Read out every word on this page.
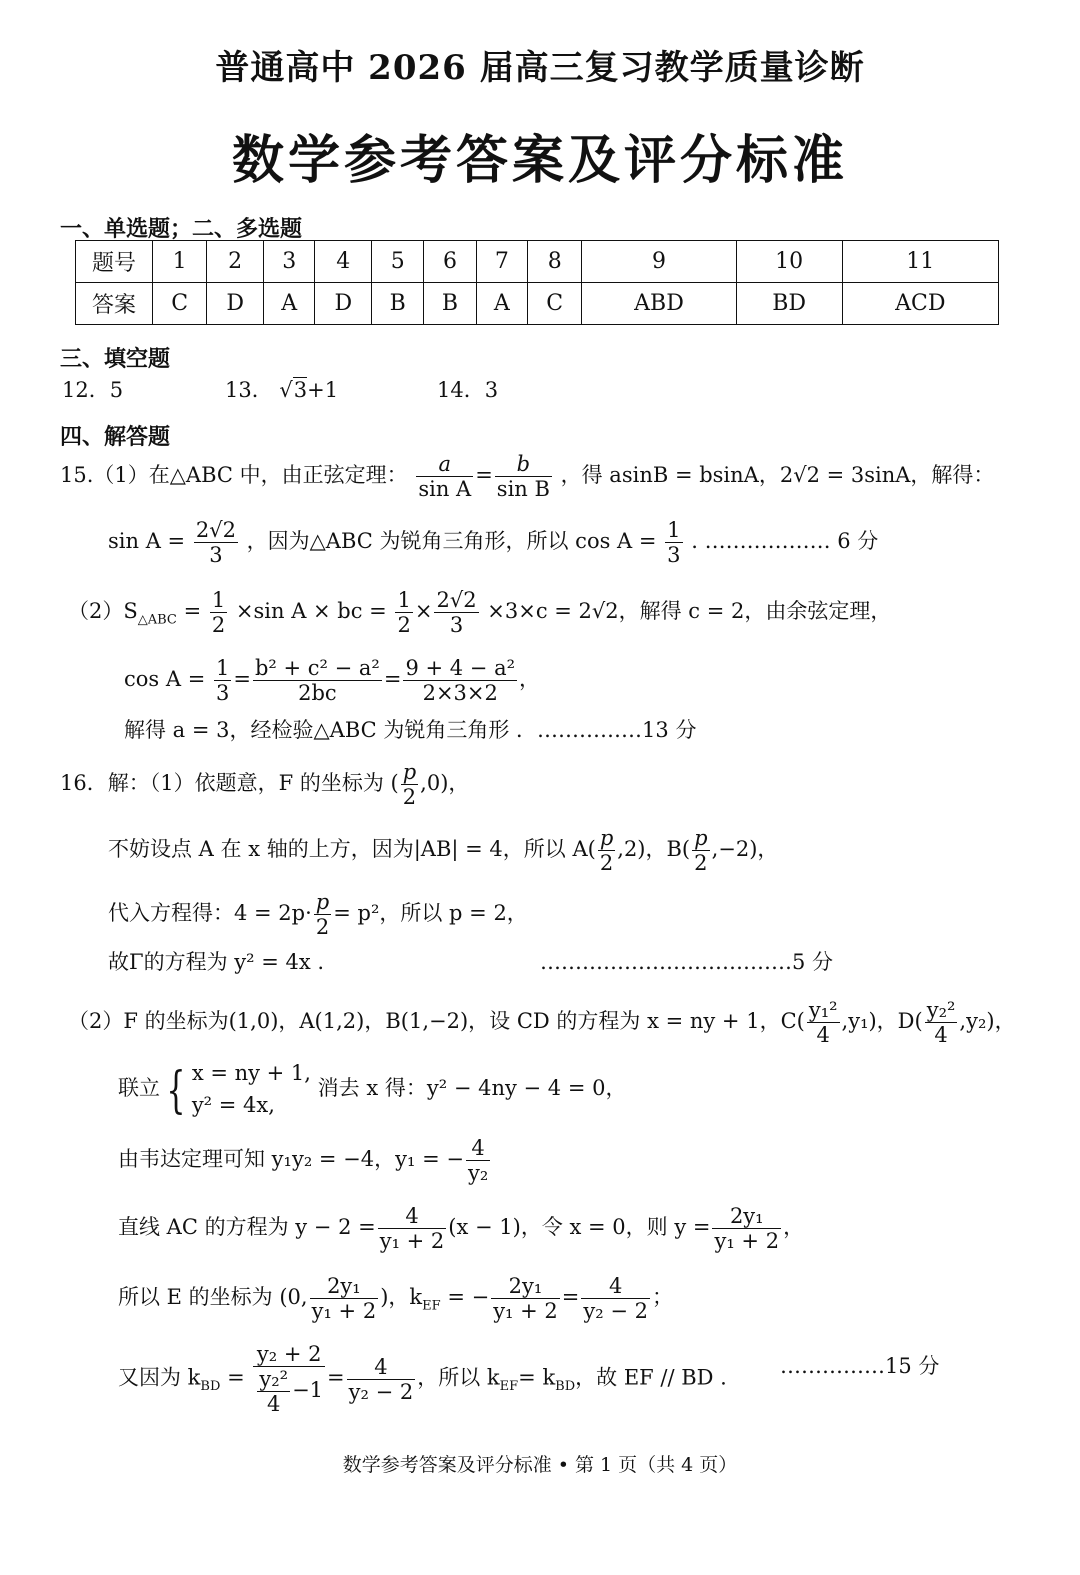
普通高中 2026 届高三复习教学质量诊断
数学参考答案及评分标准
一、单选题；二、多选题
题号	1	2	3	4	5	6	7	8	9	10	11
答案	C	D	A	D	B	B	A	C	ABD	BD	ACD
三、填空题
12．5	13． √3+1	14．3
四、解答题
15.（1）在△ABC 中，由正弦定理： $\frac{a}{\text{sin A}} = \frac{b}{\text{sin B}}$ ，得 asinB = bsinA，2√2 = 3sinA，解得：
$\sin A = \frac{2√2}{3}$ ，因为△ABC 为锐角三角形，所以 $\cos A = \frac{1}{3}$ . ……………… 6 分
$(2)S_{\triangle ABC} = \frac{1}{2} \times\sin$ A × bc = $\frac{1}{2} \times \frac{2√2}{3} \times 3\times c = 2√2$，解得 c = 2，由余弦定理，
$\cos A = \frac{1}{3} = \frac{\text{b² + c² − a²}}{2bc} = \frac{\text{9 + 4 − a²}}{2\times 3\times 2}$ ，
解得 a = 3，经检验△ABC 为锐角三角形 ．……………13 分
16．解：（1）依题意，F 的坐标为 ( $\frac{p}{2} ,0$)，
不妨设点 A 在 x 轴的上方，因为|AB| = 4，所以 $A( \frac{p}{2} ,2)$，$B( \frac{p}{2} ,-2)$，
代入方程得：$4 = 2p\cdot \frac{p}{2} = p^2$，所以 p = 2，
故Γ的方程为 y² = 4x .	………………………………5 分
（2）F 的坐标为(1,0)，A(1,2)，B(1,−2)，设 CD 的方程为 x = ny + 1，$C( \frac{\text{y₁²}}{4} ,y_1)$，$D( \frac{\text{y₂²}}{4} ,y_2)$，
联立 { x = ny + 1,
y² = 4x,
消去 x 得：y² − 4ny − 4 = 0，
由韦达定理可知 y₁y₂ = −4，y₁ = − $\frac{4}{\text{y₂}}$
直线 AC 的方程为 $y - 2 = \frac{4}{\text{y₁ + 2}} (x - 1)$，令 x = 0，则 $y = \frac{\text{2y₁}}{\text{y₁ + 2}}$ ，
所以 E 的坐标为 (0, $\frac{\text{2y₁}}{\text{y₁ + 2}}$ )，$k_{EF}$ = − $\frac{\text{2y₁}}{\text{y₁ + 2}} = \frac{4}{\text{y₂ − 2}}$ ；
又因为 $k_{BD} = \frac{\text{y₂ + 2}}{\frac{\text{y₂²}}{4} -1} = \frac{4}{\text{y₂ − 2}}$ ，所以 $k_{EF}= k_{BD}$，故 EF // BD .	……………15 分
数学参考答案及评分标准 • 第 1 页（共 4 页）
